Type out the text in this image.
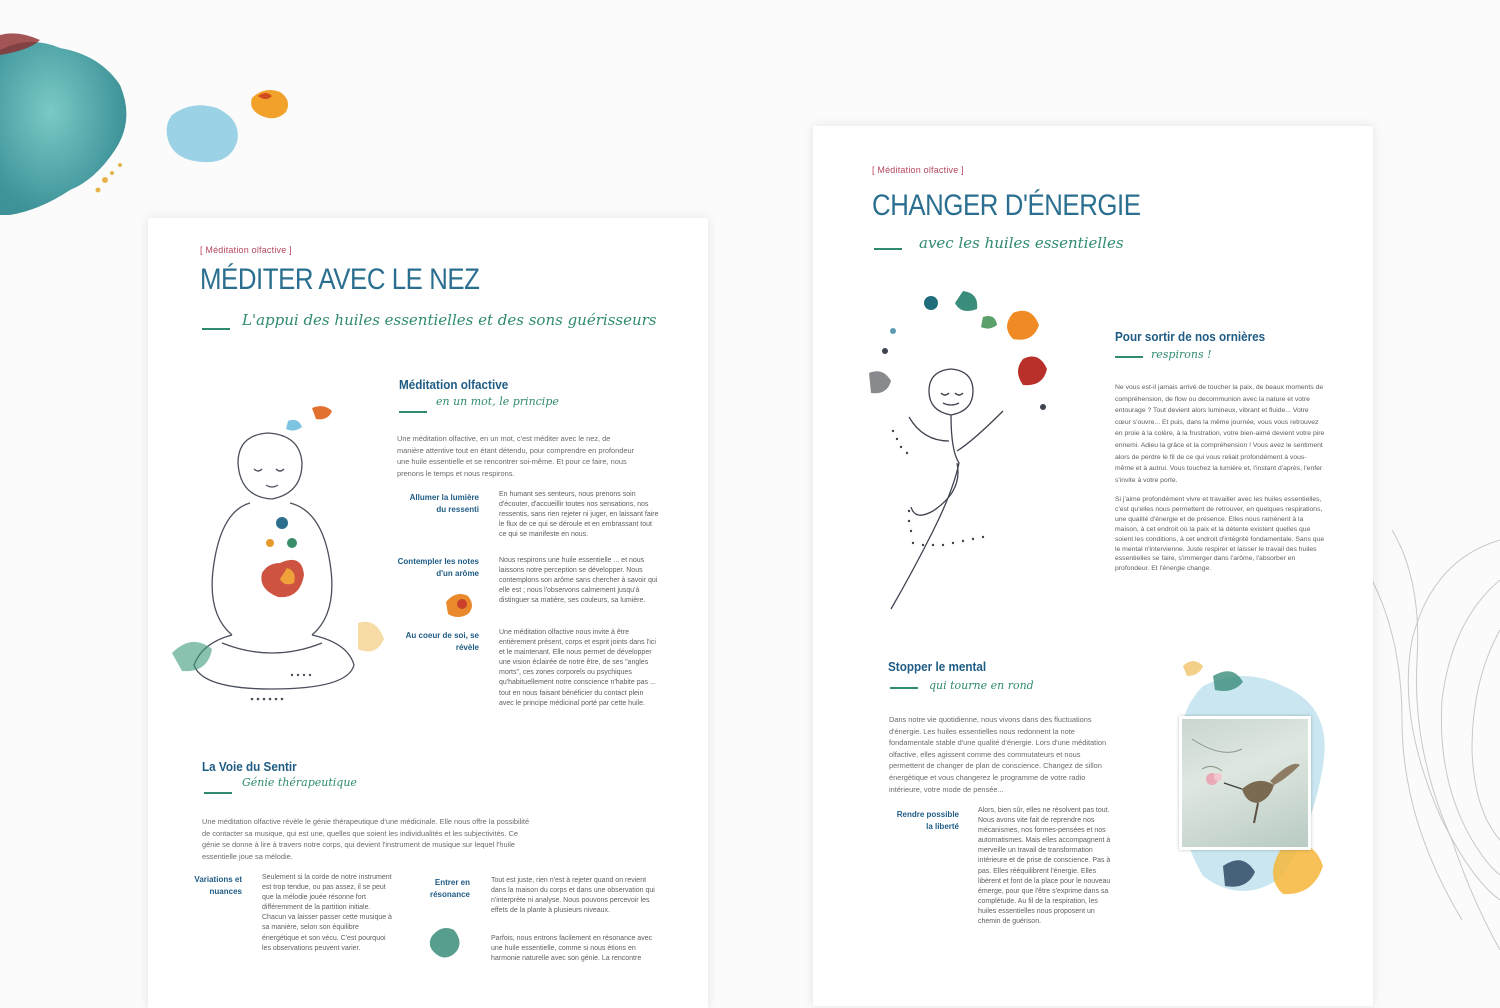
[ Méditation olfactive ]
MÉDITER AVEC LE NEZ
L'appui des huiles essentielles et des sons guérisseurs
Méditation olfactive
en un mot, le principe
Une méditation olfactive, en un mot, c'est méditer avec le nez, de manière attentive tout en étant détendu, pour comprendre en profondeur une huile essentielle et se rencontrer soi-même. Et pour ce faire, nous prenons le temps et nous respirons.
Allumer la lumière du ressenti
En humant ses senteurs, nous prenons soin d'écouter, d'accueillir toutes nos sensations, nos ressentis, sans rien rejeter ni juger, en laissant faire le flux de ce qui se déroule et en embrassant tout ce qui se manifeste en nous.
Contempler les notes d'un arôme
Nous respirons une huile essentielle ... et nous laissons notre perception se développer. Nous contemplons son arôme sans chercher à savoir qui elle est ; nous l'observons calmement jusqu'à distinguer sa matière, ses couleurs, sa lumière.
Au coeur de soi, se révèle
Une méditation olfactive nous invite à être entièrement présent, corps et esprit joints dans l'ici et le maintenant. Elle nous permet de développer une vision éclairée de notre être, de ses "angles morts", ces zones corporels ou psychiques qu'habituellement notre conscience n'habite pas ... tout en nous faisant bénéficier du contact plein avec le principe médicinal porté par cette huile.
La Voie du Sentir
Génie thérapeutique
Une méditation olfactive révèle le génie thérapeutique d'une médicinale. Elle nous offre la possibilité de contacter sa musique, qui est une, quelles que soient les individualités et les subjectivités. Ce génie se donne à lire à travers notre corps, qui devient l'instrument de musique sur lequel l'huile essentielle joue sa mélodie.
Variations et nuances
Seulement si la corde de notre instrument est trop tendue, ou pas assez, il se peut que la mélodie jouée résonne fort différemment de la partition initiale. Chacun va laisser passer cette musique à sa manière, selon son équilibre énergétique et son vécu. C'est pourquoi les observations peuvent varier.
Entrer en résonance
Tout est juste, rien n'est à rejeter quand on revient dans la maison du corps et dans une observation qui n'interprète ni analyse. Nous pouvons percevoir les effets de la plante à plusieurs niveaux.
Parfois, nous entrons facilement en résonance avec une huile essentielle, comme si nous étions en harmonie naturelle avec son génie. La rencontre
[ Méditation olfactive ]
CHANGER D'ÉNERGIE
avec les huiles essentielles
Pour sortir de nos ornières
respirons !
Ne vous est-il jamais arrivé de toucher la paix, de beaux moments de compréhension, de flow ou decommunion avec la nature et votre entourage ? Tout devient alors lumineux, vibrant et fluide... Votre cœur s'ouvre... Et puis, dans la même journée, vous vous retrouvez en proie à la colère, à la frustration, votre bien-aimé devient votre pire ennemi. Adieu la grâce et la compréhension ! Vous avez le sentiment alors de perdre le fil de ce qui vous reliait profondément à vous-même et à autrui. Vous touchez la lumière et, l'instant d'après, l'enfer s'invite à votre porte.
Si j'aime profondément vivre et travailler avec les huiles essentielles, c'est qu'elles nous permettent de retrouver, en quelques respirations, une qualité d'énergie et de présence. Elles nous ramènent à la maison, à cet endroit où la paix et la détente existent quelles que soient les conditions, à cet endroit d'intégrité fondamentale. Sans que le mental n'intervienne. Juste respirer et laisser le travail des huiles essentielles se faire, s'immerger dans l'arôme, l'absorber en profondeur. Et l'énergie change.
Stopper le mental
qui tourne en rond
Dans notre vie quotidienne, nous vivons dans des fluctuations d'énergie. Les huiles essentielles nous redonnent la note fondamentale stable d'une qualité d'énergie. Lors d'une méditation olfactive, elles agissent comme des commutateurs et nous permettent de changer de plan de conscience. Changez de sillon énergétique et vous changerez le programme de votre radio intérieure, votre mode de pensée...
Rendre possible la liberté
Alors, bien sûr, elles ne résolvent pas tout. Nous avons vite fait de reprendre nos mécanismes, nos formes-pensées et nos automatismes. Mais elles accompagnent à merveille un travail de transformation intérieure et de prise de conscience. Pas à pas. Elles rééquilibrent l'énergie. Elles libèrent et font de la place pour le nouveau émerge, pour que l'être s'exprime dans sa complétude. Au fil de la respiration, les huiles essentielles nous proposent un chemin de guérison.
